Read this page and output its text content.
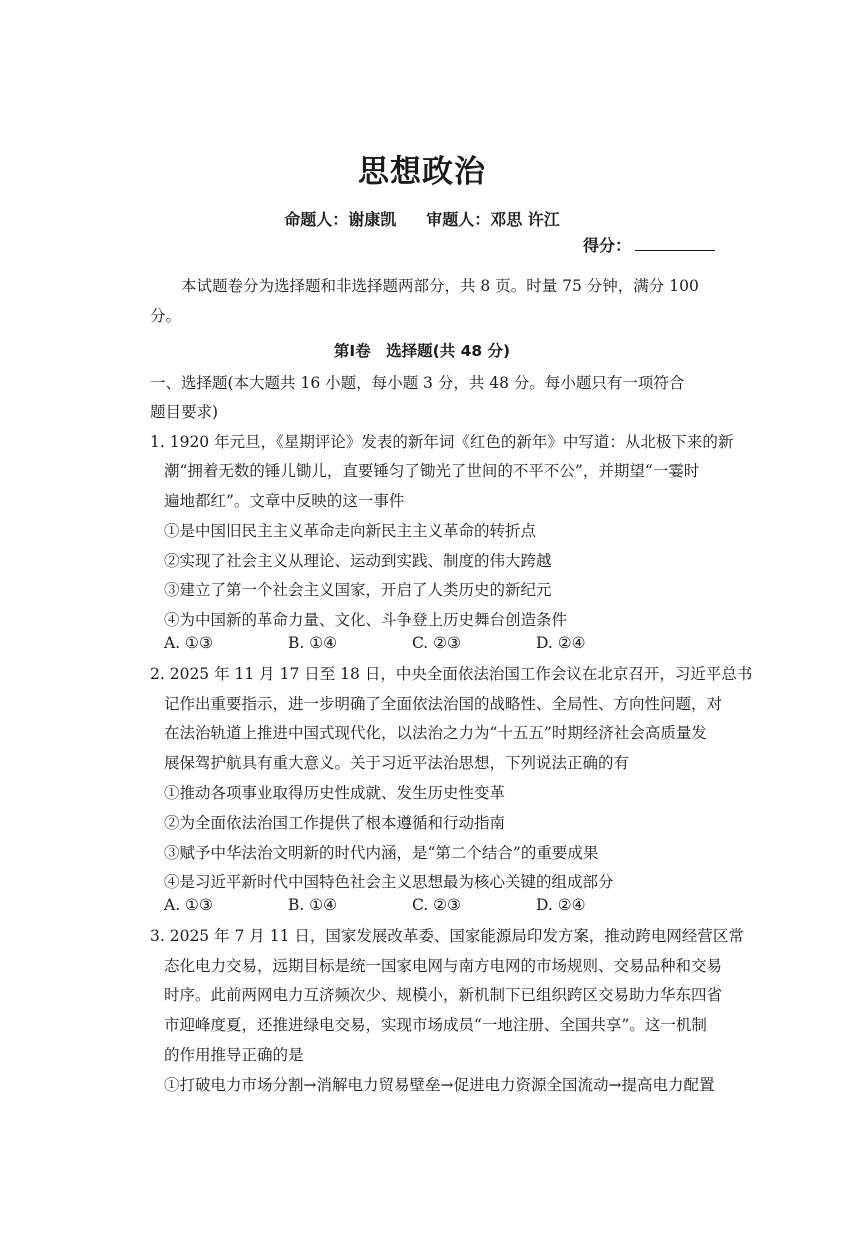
思想政治
命题人：谢康凯 审题人：邓思 许江
得分：
本试题卷分为选择题和非选择题两部分，共 8 页。时量 75 分钟，满分 100
分。
第Ⅰ卷　选择题(共 48 分)
一、选择题(本大题共 16 小题，每小题 3 分，共 48 分。每小题只有一项符合
题目要求)
1. 1920 年元旦，《星期评论》发表的新年词《红色的新年》中写道：从北极下来的新
潮“拥着无数的锤儿锄儿，直要锤匀了锄光了世间的不平不公”，并期望“一霎时
遍地都红”。文章中反映的这一事件
①是中国旧民主主义革命走向新民主主义革命的转折点
②实现了社会主义从理论、运动到实践、制度的伟大跨越
③建立了第一个社会主义国家，开启了人类历史的新纪元
④为中国新的革命力量、文化、斗争登上历史舞台创造条件
A. ①③	B. ①④	C. ②③	D. ②④
2. 2025 年 11 月 17 日至 18 日，中央全面依法治国工作会议在北京召开，习近平总书
记作出重要指示，进一步明确了全面依法治国的战略性、全局性、方向性问题，对
在法治轨道上推进中国式现代化，以法治之力为“十五五”时期经济社会高质量发
展保驾护航具有重大意义。关于习近平法治思想，下列说法正确的有
①推动各项事业取得历史性成就、发生历史性变革
②为全面依法治国工作提供了根本遵循和行动指南
③赋予中华法治文明新的时代内涵，是“第二个结合”的重要成果
④是习近平新时代中国特色社会主义思想最为核心关键的组成部分
A. ①③	B. ①④	C. ②③	D. ②④
3. 2025 年 7 月 11 日，国家发展改革委、国家能源局印发方案，推动跨电网经营区常
态化电力交易，远期目标是统一国家电网与南方电网的市场规则、交易品种和交易
时序。此前两网电力互济频次少、规模小，新机制下已组织跨区交易助力华东四省
市迎峰度夏，还推进绿电交易，实现市场成员“一地注册、全国共享”。这一机制
的作用推导正确的是
①打破电力市场分割→消解电力贸易壁垒→促进电力资源全国流动→提高电力配置
